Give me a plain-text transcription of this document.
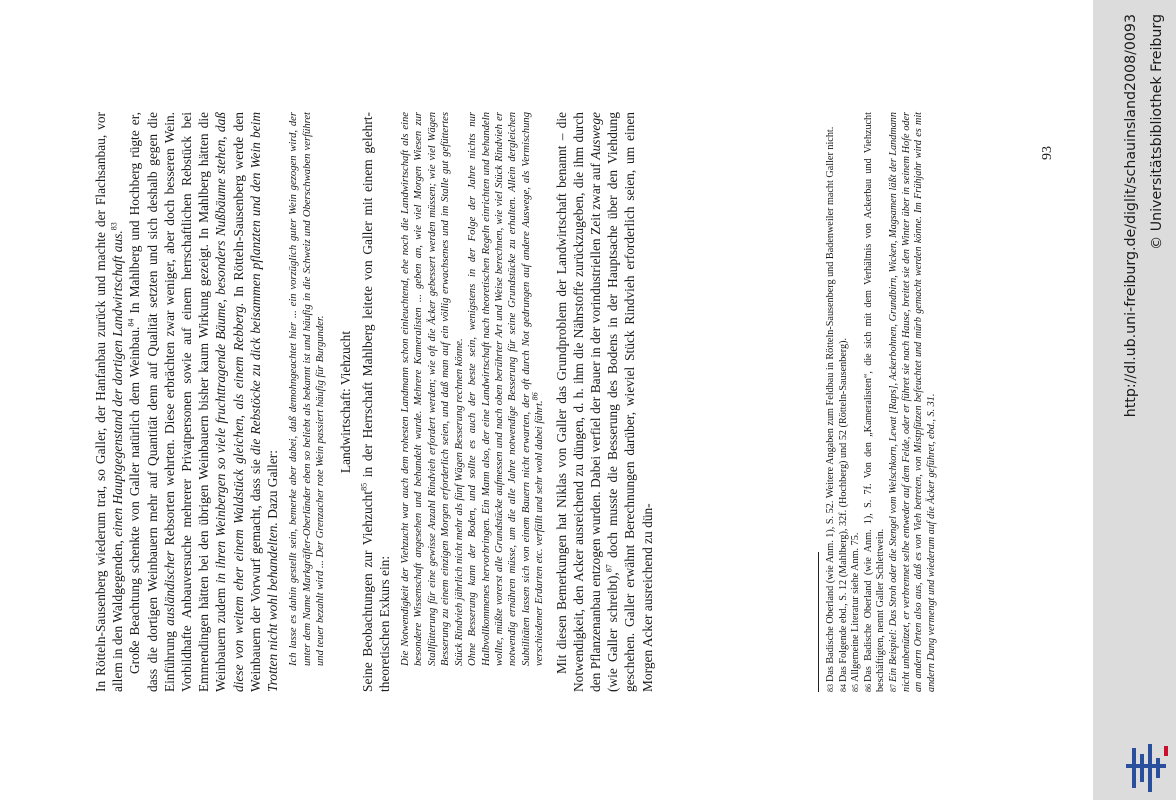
In Rötteln-Sausenberg wiederum trat, so Galler, der Hanfanbau zurück und machte der Flachsanbau, vor allem in den Waldgegenden, einen Hauptgegenstand der dortigen Landwirtschaft aus.$^{83}$

Große Beachtung schenkte von Galler natürlich dem Weinbau.$^{84}$ In Mahlberg und Hochberg rügte er, dass die dortigen Weinbauern mehr auf Quantität denn auf Qualität setzten und sich deshalb gegen die Einführung ausländischer Rebsorten wehrten. Diese erbrächten zwar weniger, aber doch besseren Wein. Vorbildhafte Anbauversuche mehrerer Privatpersonen sowie auf einem herrschaftlichen Rebstück bei Emmendingen hätten bei den übrigen Weinbauern bisher kaum Wirkung gezeigt. In Mahlberg hätten die Weinbauern zudem in ihren Weinbergen so viele fruchttragende Bäume, besonders Nußbäume stehen, daß diese von weitem eher einem Waldstück gleichen, als einem Rebberg. In Rötteln-Sausenberg werde den Weinbauern der Vorwurf gemacht, dass sie die Rebstöcke zu dick beisammen pflanzten und den Wein beim Trotten nicht wohl behandelten. Dazu Galler: Ich lasse es dahin gestellt sein, bemerke aber dabei, daß demohngeachtet hier ... ein vorzüglich guter Wein gezogen wird, der unter dem Name Markgräfler-Oberländer eben so beliebt als bekannt ist und häufig in die Schweiz und Oberschwaben verführet und teuer bezahlt wird ... Der Grenzacher rote Wein passiert häufig für Burgunder. Landwirtschaft: Viehzucht

Seine Beobachtungen zur Viehzucht$^{85}$ in der Herrschaft Mahlberg leitete von Galler mit einem gelehrt-theoretischen Exkurs ein: Die Notwendigkeit der Viehzucht war auch dem rohesten Landmann schon einleuchtend, ehe noch die Landwirtschaft als eine besondere Wissenschaft angesehen und behandelt wurde. Mehrere Kameralisten ... geben an, wie viel Morgen Wiesen zur Stallfütterung für eine gewisse Anzahl Rindvieh erfordert werden; wie oft die Äcker gebessert werden müssen; wie viel Wägen Besserung zu einem einzigen Morgen erforderlich seien, und daß man auf ein völlig erwachsenes und im Stalle gut gefüttertes Stück Rindvieh jährlich nicht mehr als fünf Wägen Besserung rechnen könne. Ohne Besserung kann der Boden, und sollte es auch der beste sein, wenigstens in der Folge der Jahre nichts nur Halbvollkommenes hervorbringen. Ein Mann also, der eine Landwirtschaft nach theoretischen Regeln einrichten und behandeln wollte, müßte vorerst alle Grundstücke aufmessen und nach oben berührter Art und Weise berechnen, wie viel Stück Rindvieh er notwendig ernähren müsse, um die alle Jahre notwendige Besserung für seine Grundstücke zu erhalten. Allein dergleichen Subtilitäten lassen sich von einem Bauern nicht erwarten, der oft durch Not gedrungen auf andere Auswege, als Vermischung verschiedener Erdarten etc. verfällt und sehr wohl dabei fährt.$^{86}$	Mit diesen Bemerkungen hat Niklas von Galler das Grundproblem der Landwirtschaft benannt – die Notwendigkeit, den Acker ausreichend zu düngen, d. h. ihm die Nährstoffe zurückzugeben, die ihm durch den Pflanzenanbau entzogen wurden. Dabei verfiel der Bauer in der vorindustriellen Zeit zwar auf Auswege (wie Galler schreibt),$^{87}$ doch musste die Besserung des Bodens in der Hauptsache über den Viehdung geschehen. Galler erwähnt Berechnungen darüber, wieviel Stück Rindvieh erforderlich seien, um einen Morgen Acker ausreichend zu dün-	$^{83}$Das Badische Oberland (wie Anm. 1), S. 52. Weitere Angaben zum Feldbau in Rötteln-Sausenberg und Badenweiler macht Galler nicht.

$^{84}$Das Folgende ebd., S. 12 (Mahlberg), 32f. (Hochberg) und 52 (Rötteln-Sausenberg).

$^{85}$Allgemeine Literatur siehe Anm. 75.

$^{86}$Das Badische Oberland (wie Anm. 1), S. 7f. Von den „Kameralisten“, die sich mit dem Verhältnis von Ackerbau und Viehzucht beschäftigten, nennt Galler Schlettwein. $^{87}$Ein Beispiel: Das Stroh oder die Stengel vom Welschkorn, Lewat [Raps], Ackerbohnen, Grundbirn, Wicken, Magsamen läßt der Landmann nicht unbenützet, er verbrennet selbe entweder auf dem Felde, oder er führet sie nach Hause, breitet sie den Winter über in seinem Hofe oder an andern Orten also aus, daß es von Vieh betreten, von Mistpfützen befeuchtet und mürb gemacht werden könne. Im Frühjahr wird es mit andern Dung vermengt und wiederum auf die Äcker geführet, ebd., S. 31.

93	http://dl.ub.uni-freiburg.de/diglit/schauinsland2008/0093 © Universitätsbibliothek Freiburg
